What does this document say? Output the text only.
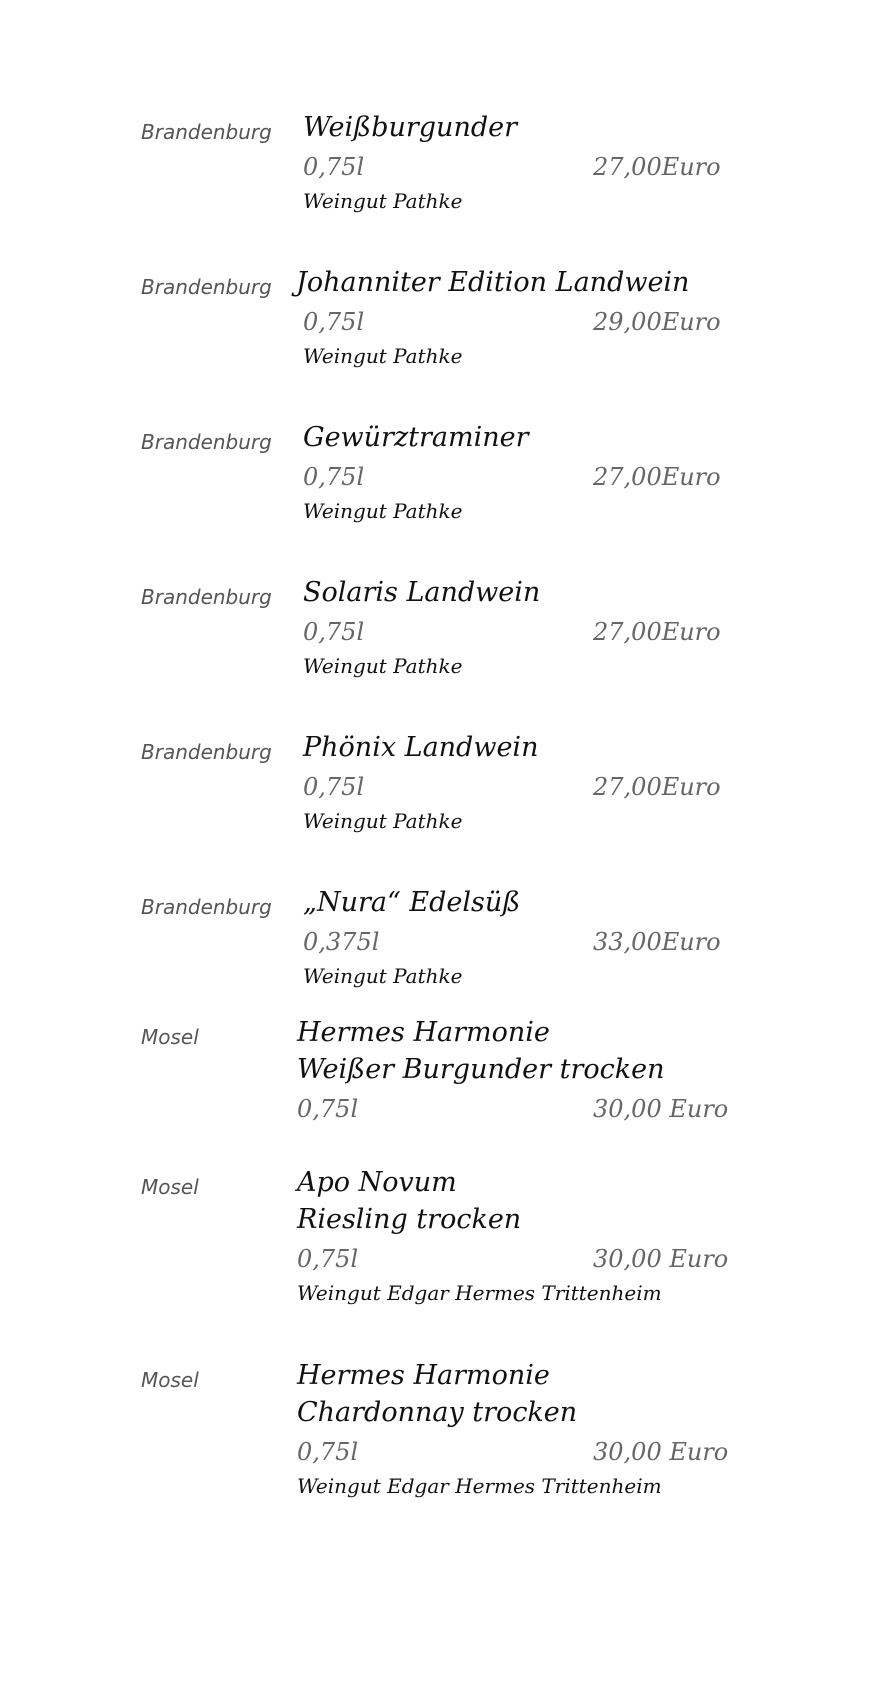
Brandenburg Weißburgunder
0,75l	27,00Euro
Weingut Pathke
Brandenburg Johanniter Edition Landwein
0,75l	29,00Euro
Weingut Pathke
Brandenburg Gewürztraminer
0,75l	27,00Euro
Weingut Pathke
Brandenburg Solaris Landwein
0,75l	27,00Euro
Weingut Pathke
Brandenburg Phönix Landwein
0,75l	27,00Euro
Weingut Pathke
Brandenburg „Nura“ Edelsüß
0,375l	33,00Euro
Weingut Pathke
Mosel	Hermes Harmonie
Weißer Burgunder trocken
0,75l	30,00 Euro
Mosel	Apo Novum
Riesling trocken
0,75l	30,00 Euro
Weingut Edgar Hermes Trittenheim
Mosel	Hermes Harmonie
Chardonnay trocken
0,75l	30,00 Euro
Weingut Edgar Hermes Trittenheim
